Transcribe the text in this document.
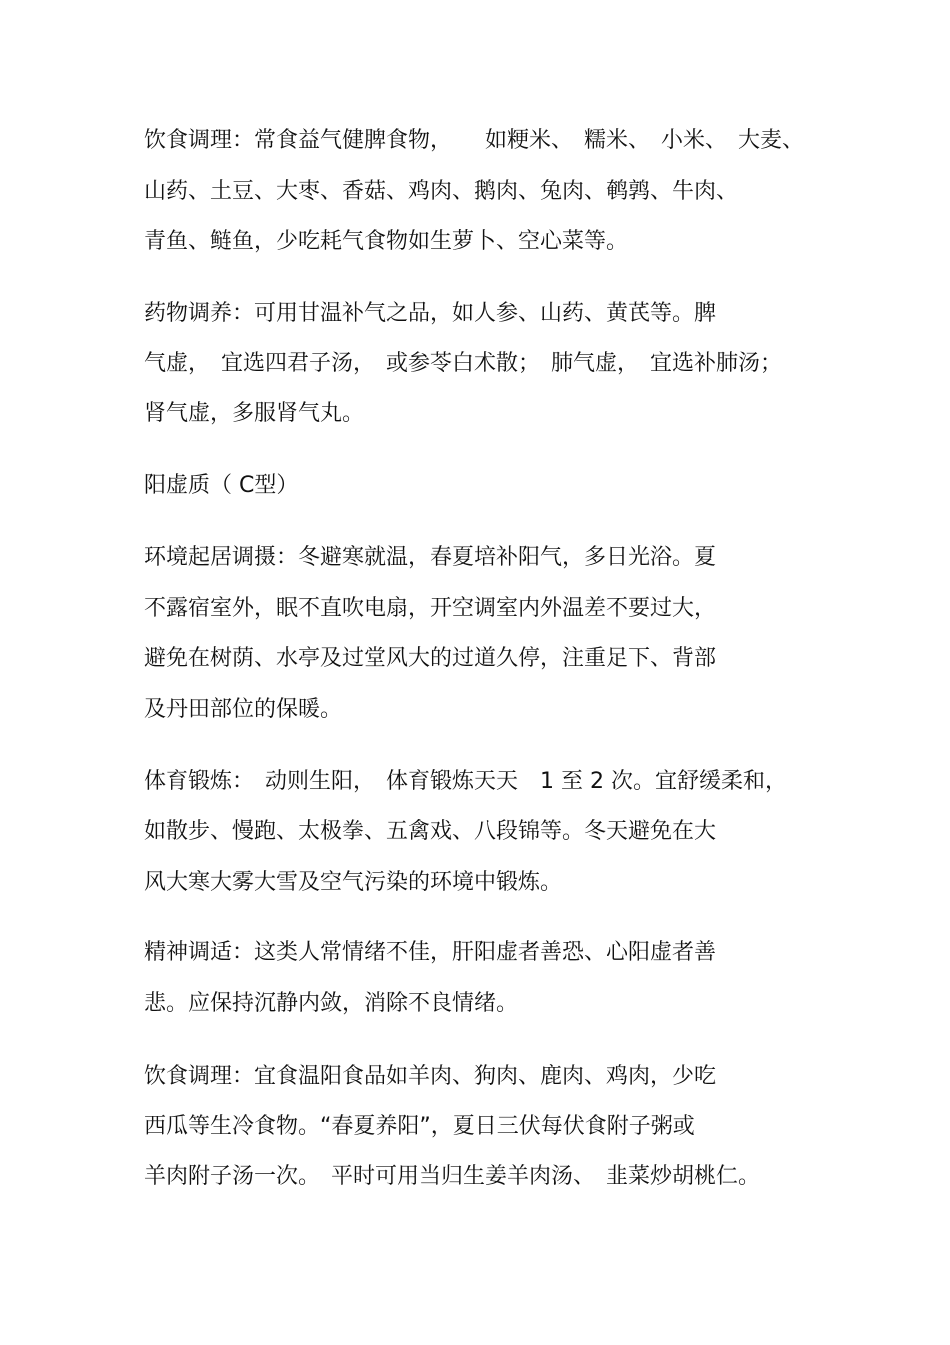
饮食调理：常食益气健脾食物，　　如粳米、　糯米、　小米、　大麦、
山药、土豆、大枣、香菇、鸡肉、鹅肉、兔肉、鹌鹑、牛肉、
青鱼、鲢鱼，少吃耗气食物如生萝卜、空心菜等。
药物调养：可用甘温补气之品，如人参、山药、黄芪等。脾
气虚，　宜选四君子汤，　或参苓白术散；　肺气虚，　宜选补肺汤；
肾气虚，多服肾气丸。
阳虚质（ C型）
环境起居调摄：冬避寒就温，春夏培补阳气，多日光浴。夏
不露宿室外，眠不直吹电扇，开空调室内外温差不要过大，
避免在树荫、水亭及过堂风大的过道久停，注重足下、背部
及丹田部位的保暖。
体育锻炼：　动则生阳，　体育锻炼天天　1 至 2 次。宜舒缓柔和，
如散步、慢跑、太极拳、五禽戏、八段锦等。冬天避免在大
风大寒大雾大雪及空气污染的环境中锻炼。
精神调适：这类人常情绪不佳，肝阳虚者善恐、心阳虚者善
悲。应保持沉静内敛，消除不良情绪。
饮食调理：宜食温阳食品如羊肉、狗肉、鹿肉、鸡肉，少吃
西瓜等生冷食物。“春夏养阳”，夏日三伏每伏食附子粥或
羊肉附子汤一次。　平时可用当归生姜羊肉汤、　韭菜炒胡桃仁。
